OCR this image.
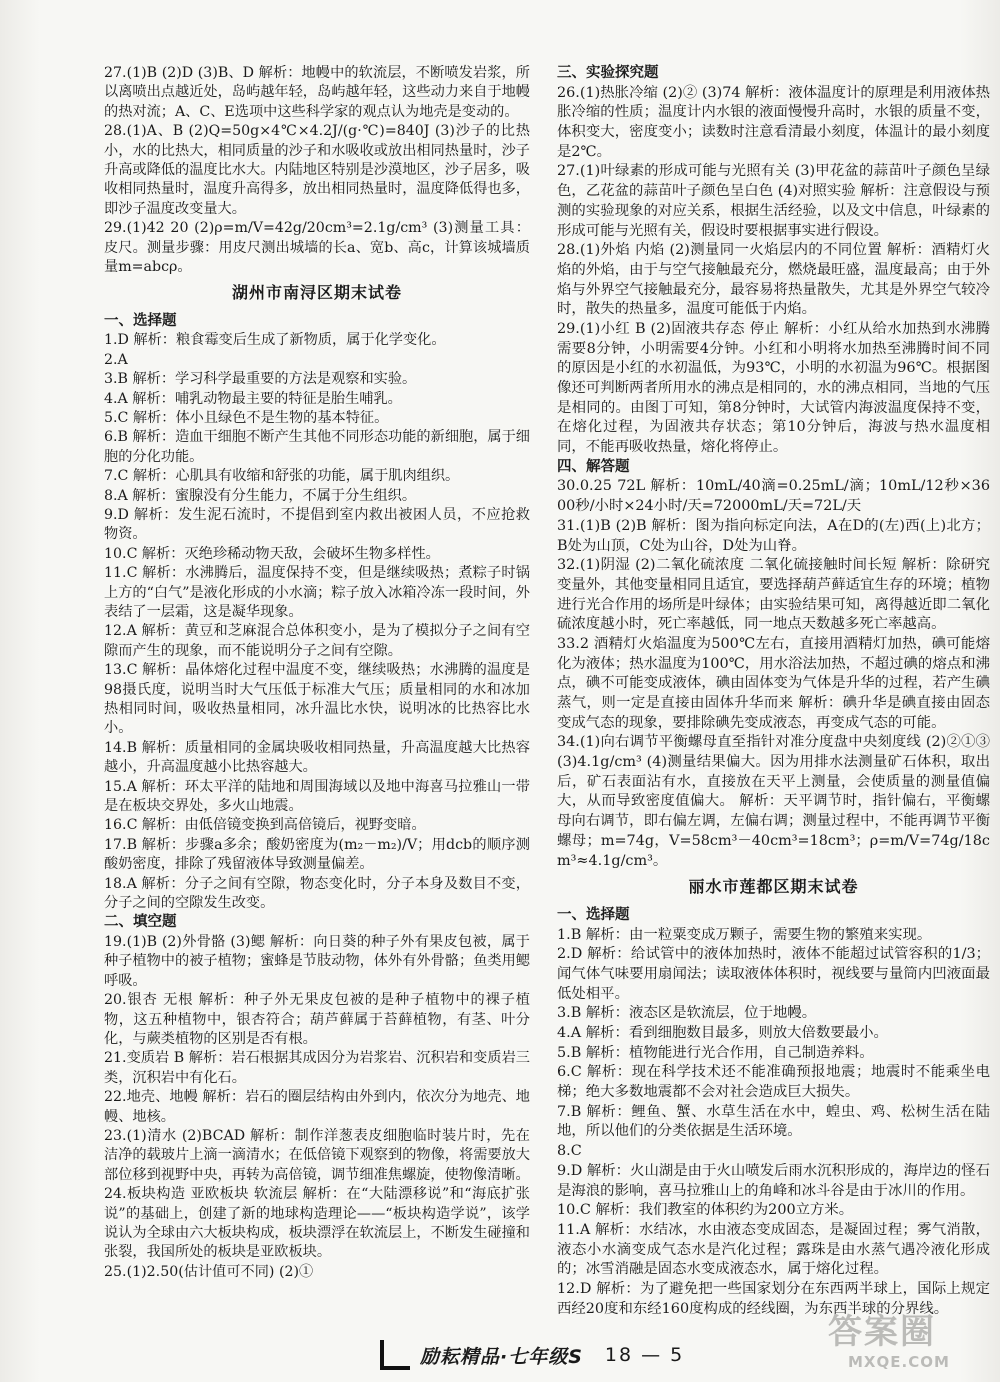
27.(1)B (2)D (3)B、D 解析：地幔中的软流层，不断喷发岩浆，所以离喷出点越近处，岛屿越年轻，岛屿越年轻，这些动力来自于地幔的热对流；A、C、E选项中这些科学家的观点认为地壳是变动的。

28.(1)A、B (2)Q=50g×4℃×4.2J/(g·℃)=840J (3)沙子的比热小，水的比热大，相同质量的沙子和水吸收或放出相同热量时，沙子升高或降低的温度比水大。内陆地区特别是沙漠地区，沙子居多，吸收相同热量时，温度升高得多，放出相同热量时，温度降低得也多，即沙子温度改变量大。

29.(1)42 20 (2)ρ=m/V=42g/20cm³=2.1g/cm³ (3)测量工具：皮尺。测量步骤：用皮尺测出城墙的长a、宽b、高c，计算该城墙质量m=abcρ。

湖州市南浔区期末试卷
一、选择题

1.D 解析：粮食霉变后生成了新物质，属于化学变化。

2.A

3.B 解析：学习科学最重要的方法是观察和实验。

4.A 解析：哺乳动物最主要的特征是胎生哺乳。

5.C 解析：体小且绿色不是生物的基本特征。

6.B 解析：造血干细胞不断产生其他不同形态功能的新细胞，属于细胞的分化功能。

7.C 解析：心肌具有收缩和舒张的功能，属于肌肉组织。

8.A 解析：蜜腺没有分生能力，不属于分生组织。

9.D 解析：发生泥石流时，不提倡到室内救出被困人员，不应抢救物资。

10.C 解析：灭绝珍稀动物天敌，会破坏生物多样性。

11.C 解析：水沸腾后，温度保持不变，但是继续吸热；煮粽子时锅上方的“白气”是液化形成的小水滴；粽子放入冰箱冷冻一段时间，外表结了一层霜，这是凝华现象。

12.A 解析：黄豆和芝麻混合总体积变小，是为了模拟分子之间有空隙而产生的现象，而不能说明分子之间有空隙。

13.C 解析：晶体熔化过程中温度不变，继续吸热；水沸腾的温度是98摄氏度，说明当时大气压低于标准大气压；质量相同的水和冰加热相同时间，吸收热量相同，冰升温比水快，说明冰的比热容比水小。

14.B 解析：质量相同的金属块吸收相同热量，升高温度越大比热容越小，升高温度越小比热容越大。

15.A 解析：环太平洋的陆地和周围海域以及地中海喜马拉雅山一带是在板块交界处，多火山地震。

16.C 解析：由低倍镜变换到高倍镜后，视野变暗。

17.B 解析：步骤a多余；酸奶密度为(m₂－m₂)/V；用dcb的顺序测酸奶密度，排除了残留液体导致测量偏差。

18.A 解析：分子之间有空隙，物态变化时，分子本身及数目不变，分子之间的空隙发生改变。

二、填空题

19.(1)B (2)外骨骼 (3)鳃 解析：向日葵的种子外有果皮包被，属于种子植物中的被子植物；蜜蜂是节肢动物，体外有外骨骼；鱼类用鳃呼吸。

20.银杏 无根 解析：种子外无果皮包被的是种子植物中的裸子植物，这五种植物中，银杏符合；葫芦藓属于苔藓植物，有茎、叶分化，与蕨类植物的区别是否有根。

21.变质岩 B 解析：岩石根据其成因分为岩浆岩、沉积岩和变质岩三类，沉积岩中有化石。

22.地壳、地幔 解析：岩石的圈层结构由外到内，依次分为地壳、地幔、地核。

23.(1)清水 (2)BCAD 解析：制作洋葱表皮细胞临时装片时，先在洁净的载玻片上滴一滴清水；在低倍镜下观察到的物像，将需要放大部位移到视野中央，再转为高倍镜，调节细准焦螺旋，使物像清晰。

24.板块构造 亚欧板块 软流层 解析：在“大陆漂移说”和“海底扩张说”的基础上，创建了新的地球构造理论——“板块构造学说”，该学说认为全球由六大板块构成，板块漂浮在软流层上，不断发生碰撞和张裂，我国所处的板块是亚欧板块。

25.(1)2.50(估计值可不同) (2)①

三、实验探究题

26.(1)热胀冷缩 (2)② (3)74 解析：液体温度计的原理是利用液体热胀冷缩的性质；温度计内水银的液面慢慢升高时，水银的质量不变，体积变大，密度变小；读数时注意看清最小刻度，体温计的最小刻度是2℃。

27.(1)叶绿素的形成可能与光照有关 (3)甲花盆的蒜苗叶子颜色呈绿色，乙花盆的蒜苗叶子颜色呈白色 (4)对照实验 解析：注意假设与预测的实验现象的对应关系，根据生活经验，以及文中信息，叶绿素的形成可能与光照有关，假设时要根据事实进行假设。

28.(1)外焰 内焰 (2)测量同一火焰层内的不同位置 解析：酒精灯火焰的外焰，由于与空气接触最充分，燃烧最旺盛，温度最高；由于外焰与外界空气接触最充分，最容易将热量散失，尤其是外界空气较冷时，散失的热量多，温度可能低于内焰。

29.(1)小红 B (2)固液共存态 停止 解析：小红从给水加热到水沸腾需要8分钟，小明需要4分钟。小红和小明将水加热至沸腾时间不同的原因是小红的水初温低，为93℃，小明的水初温为96℃。根据图像还可判断两者所用水的沸点是相同的，水的沸点相同，当地的气压是相同的。由图丁可知，第8分钟时，大试管内海波温度保持不变，在熔化过程，为固液共存状态；第10分钟后，海波与热水温度相同，不能再吸收热量，熔化将停止。

四、解答题

30.0.25 72L 解析：10mL/40滴=0.25mL/滴；10mL/12秒×3600秒/小时×24小时/天=72000mL/天=72L/天

31.(1)B (2)B 解析：图为指向标定向法，A在D的(左)西(上)北方；B处为山顶，C处为山谷，D处为山脊。

32.(1)阴湿 (2)二氧化硫浓度 二氧化硫接触时间长短 解析：除研究变量外，其他变量相同且适宜，要选择葫芦藓适宜生存的环境；植物进行光合作用的场所是叶绿体；由实验结果可知，离得越近即二氧化硫浓度越小时，死亡率越低，同一地点天数越多死亡率越高。

33.2 酒精灯火焰温度为500℃左右，直接用酒精灯加热，碘可能熔化为液体；热水温度为100℃，用水浴法加热，不超过碘的熔点和沸点，碘不可能变成液体，碘由固体变为气体是升华的过程，若产生碘蒸气，则一定是直接由固体升华而来 解析：碘升华是碘直接由固态变成气态的现象，要排除碘先变成液态，再变成气态的可能。

34.(1)向右调节平衡螺母直至指针对准分度盘中央刻度线 (2)②①③ (3)4.1g/cm³ (4)测量结果偏大。因为用排水法测量矿石体积，取出后，矿石表面沾有水，直接放在天平上测量，会使质量的测量值偏大，从而导致密度值偏大。 解析：天平调节时，指针偏右，平衡螺母向右调节，即右偏左调，左偏右调；测量过程中，不能再调节平衡螺母；m=74g，V=58cm³－40cm³=18cm³；ρ=m/V=74g/18cm³≈4.1g/cm³。

丽水市莲都区期末试卷
一、选择题

1.B 解析：由一粒粟变成万颗子，需要生物的繁殖来实现。

2.D 解析：给试管中的液体加热时，液体不能超过试管容积的1/3；闻气体气味要用扇闻法；读取液体体积时，视线要与量筒内凹液面最低处相平。

3.B 解析：液态区是软流层，位于地幔。

4.A 解析：看到细胞数目最多，则放大倍数要最小。

5.B 解析：植物能进行光合作用，自己制造养料。

6.C 解析：现在科学技术还不能准确预报地震；地震时不能乘坐电梯；绝大多数地震都不会对社会造成巨大损失。

7.B 解析：鲤鱼、蟹、水草生活在水中，蝗虫、鸡、松树生活在陆地，所以他们的分类依据是生活环境。

8.C

9.D 解析：火山湖是由于火山喷发后雨水沉积形成的，海岸边的怪石是海浪的影响，喜马拉雅山上的角峰和冰斗谷是由于冰川的作用。

10.C 解析：我们教室的体积约为200立方米。

11.A 解析：水结冰，水由液态变成固态，是凝固过程；雾气消散，液态小水滴变成气态水是汽化过程；露珠是由水蒸气遇冷液化形成的；冰雪消融是固态水变成液态水，属于熔化过程。

12.D 解析：为了避免把一些国家划分在东西两半球上，国际上规定西经20度和东经160度构成的经线圈，为东西半球的分界线。

励耘精品·七年级S 18 — 5
答案圈
MXQE.COM
